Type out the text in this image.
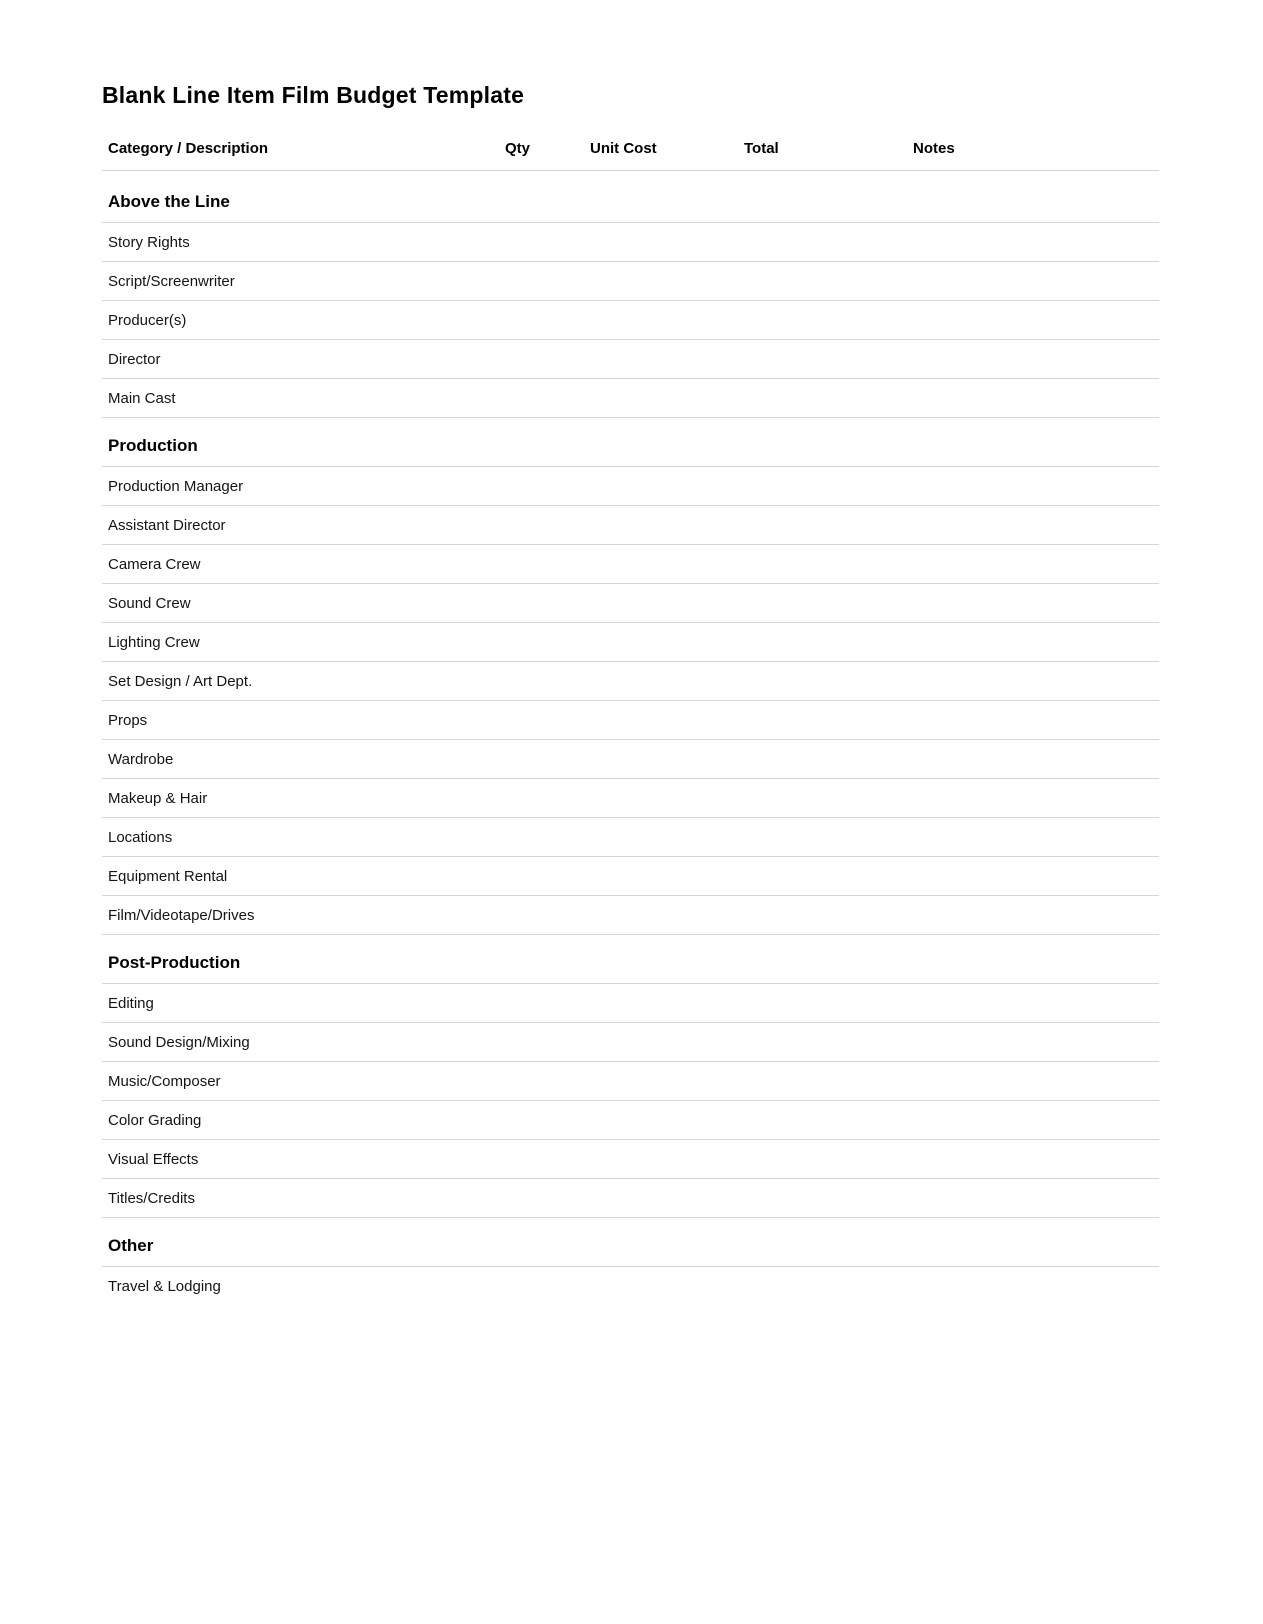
Blank Line Item Film Budget Template
Category / Description	Qty	Unit Cost	Total	Notes
Above the Line
Story Rights
Script/Screenwriter
Producer(s)
Director
Main Cast
Production
Production Manager
Assistant Director
Camera Crew
Sound Crew
Lighting Crew
Set Design / Art Dept.
Props
Wardrobe
Makeup & Hair
Locations
Equipment Rental
Film/Videotape/Drives
Post-Production
Editing
Sound Design/Mixing
Music/Composer
Color Grading
Visual Effects
Titles/Credits
Other
Travel & Lodging
